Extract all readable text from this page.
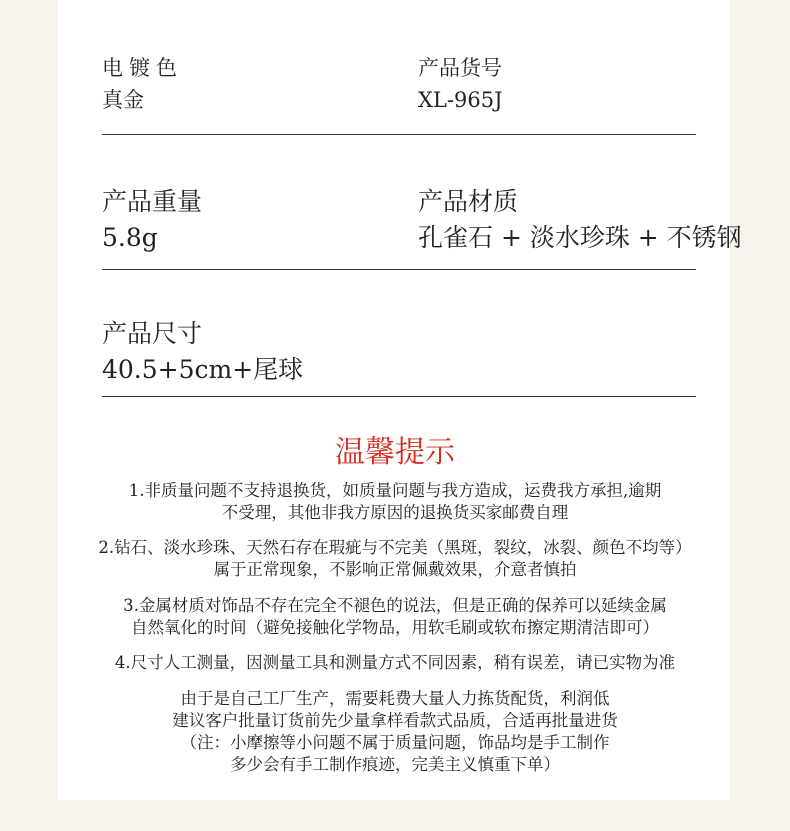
电镀色
真金
产品货号
XL-965J
产品重量
5.8g
产品材质
孔雀石 + 淡水珍珠 + 不锈钢
产品尺寸
40.5+5cm+尾球
温馨提示

1.非质量问题不支持退换货，如质量问题与我方造成，运费我方承担,逾期
不受理，其他非我方原因的退换货买家邮费自理

2.钻石、淡水珍珠、天然石存在瑕疵与不完美（黑斑，裂纹，冰裂、颜色不均等）
属于正常现象，不影响正常佩戴效果，介意者慎拍

3.金属材质对饰品不存在完全不褪色的说法，但是正确的保养可以延续金属
自然氧化的时间（避免接触化学物品，用软毛刷或软布擦定期清洁即可）

4.尺寸人工测量，因测量工具和测量方式不同因素，稍有误差，请已实物为准

由于是自己工厂生产，需要耗费大量人力拣货配货，利润低
建议客户批量订货前先少量拿样看款式品质，合适再批量进货
（注：小摩擦等小问题不属于质量问题，饰品均是手工制作
多少会有手工制作痕迹，完美主义慎重下单）
